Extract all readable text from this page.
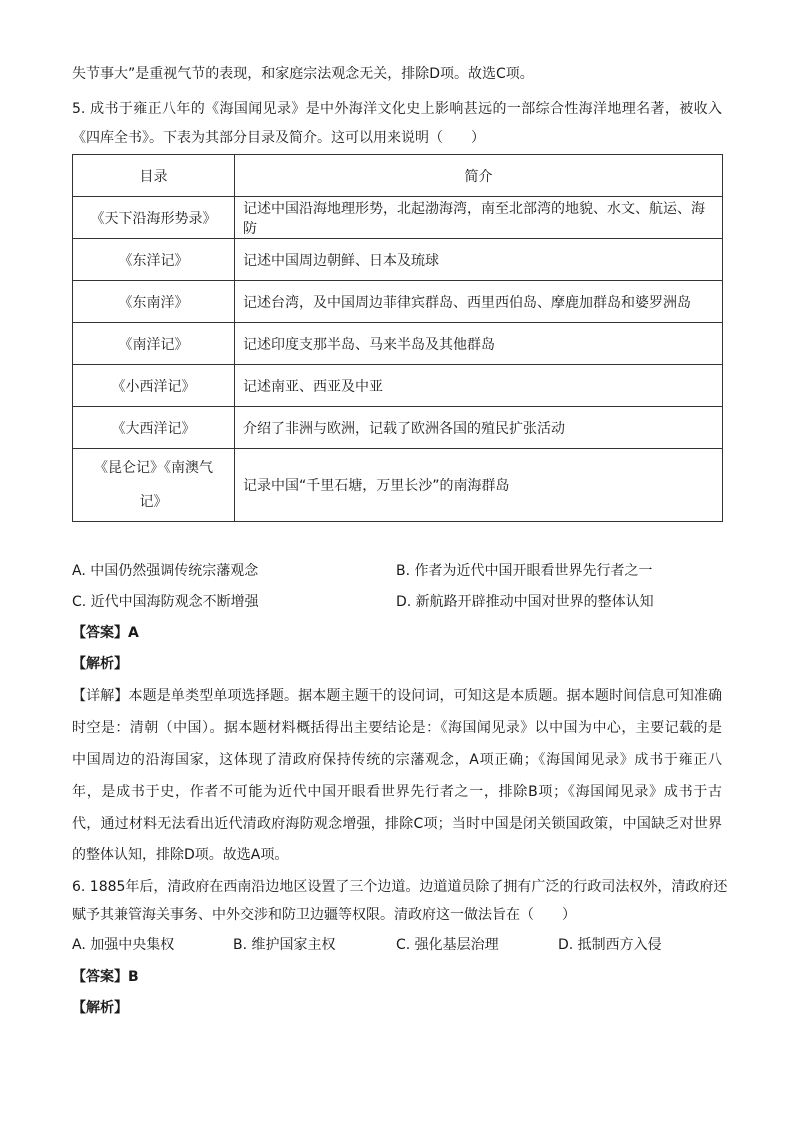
失节事大”是重视气节的表现，和家庭宗法观念无关，排除D项。故选C项。
5. 成书于雍正八年的《海国闻见录》是中外海洋文化史上影响甚远的一部综合性海洋地理名著，被收入
《四库全书》。下表为其部分目录及简介。这可以用来说明（　　）
目录	简介
《天下沿海形势录》	记述中国沿海地理形势，北起渤海湾，南至北部湾的地貌、水文、航运、海防
《东洋记》	记述中国周边朝鲜、日本及琉球
《东南洋》	记述台湾，及中国周边菲律宾群岛、西里西伯岛、摩鹿加群岛和婆罗洲岛
《南洋记》	记述印度支那半岛、马来半岛及其他群岛
《小西洋记》	记述南亚、西亚及中亚
《大西洋记》	介绍了非洲与欧洲，记载了欧洲各国的殖民扩张活动
《昆仑记》《南澳气
记》	记录中国“千里石塘，万里长沙”的南海群岛
A. 中国仍然强调传统宗藩观念	B. 作者为近代中国开眼看世界先行者之一
C. 近代中国海防观念不断增强	D. 新航路开辟推动中国对世界的整体认知
【答案】A
【解析】
【详解】本题是单类型单项选择题。据本题主题干的设问词，可知这是本质题。据本题时间信息可知准确
时空是：清朝（中国）。据本题材料概括得出主要结论是：《海国闻见录》以中国为中心，主要记载的是
中国周边的沿海国家，这体现了清政府保持传统的宗藩观念，A项正确；《海国闻见录》成书于雍正八
年，是成书于史，作者不可能为近代中国开眼看世界先行者之一，排除B项；《海国闻见录》成书于古
代，通过材料无法看出近代清政府海防观念增强，排除C项；当时中国是闭关锁国政策，中国缺乏对世界
的整体认知，排除D项。故选A项。
6. 1885年后，清政府在西南沿边地区设置了三个边道。边道道员除了拥有广泛的行政司法权外，清政府还
赋予其兼管海关事务、中外交涉和防卫边疆等权限。清政府这一做法旨在（　　）
A. 加强中央集权	B. 维护国家主权	C. 强化基层治理	D. 抵制西方入侵
【答案】B
【解析】
